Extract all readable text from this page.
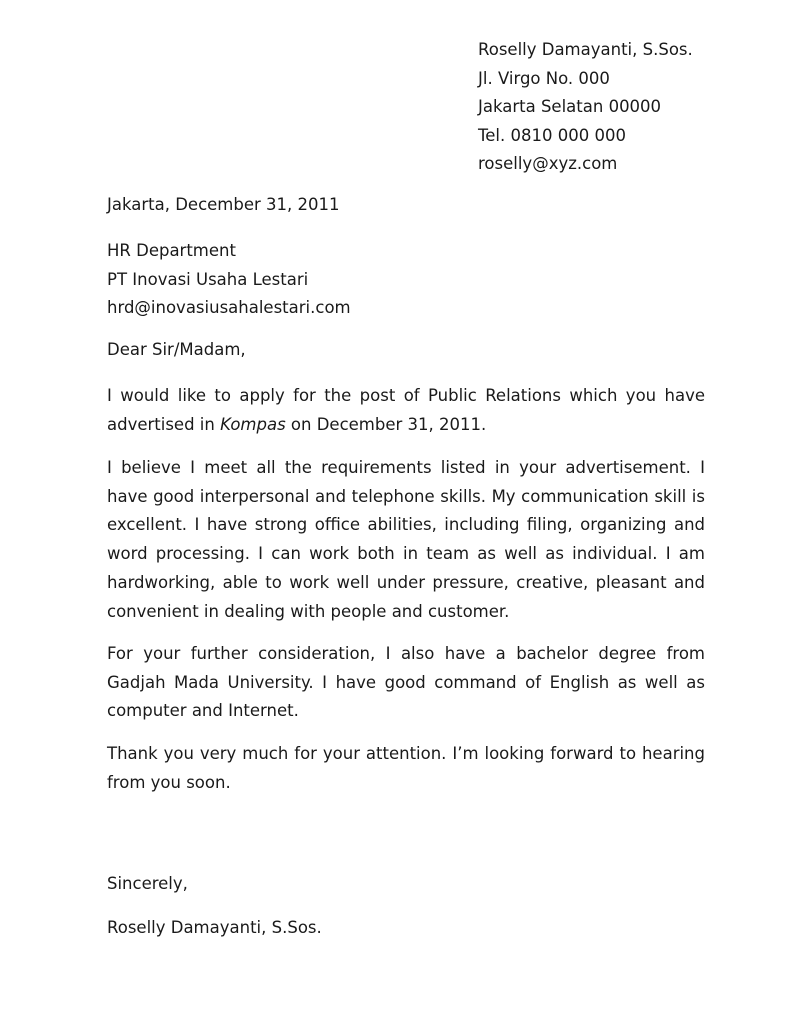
Roselly Damayanti, S.Sos.
Jl. Virgo No. 000
Jakarta Selatan 00000
Tel. 0810 000 000
roselly@xyz.com
Jakarta, December 31, 2011
HR Department
PT Inovasi Usaha Lestari
hrd@inovasiusahalestari.com
Dear Sir/Madam,

I would like to apply for the post of Public Relations which you have advertised in Kompas on December 31, 2011.

I believe I meet all the requirements listed in your advertisement. I have good interpersonal and telephone skills. My communication skill is excellent. I have strong office abilities, including filing, organizing and word processing. I can work both in team as well as individual. I am hardworking, able to work well under pressure, creative, pleasant and convenient in dealing with people and customer.

For your further consideration, I also have a bachelor degree from Gadjah Mada University. I have good command of English as well as computer and Internet.

Thank you very much for your attention. I’m looking forward to hearing from you soon.

Sincerely,
Roselly Damayanti, S.Sos.
